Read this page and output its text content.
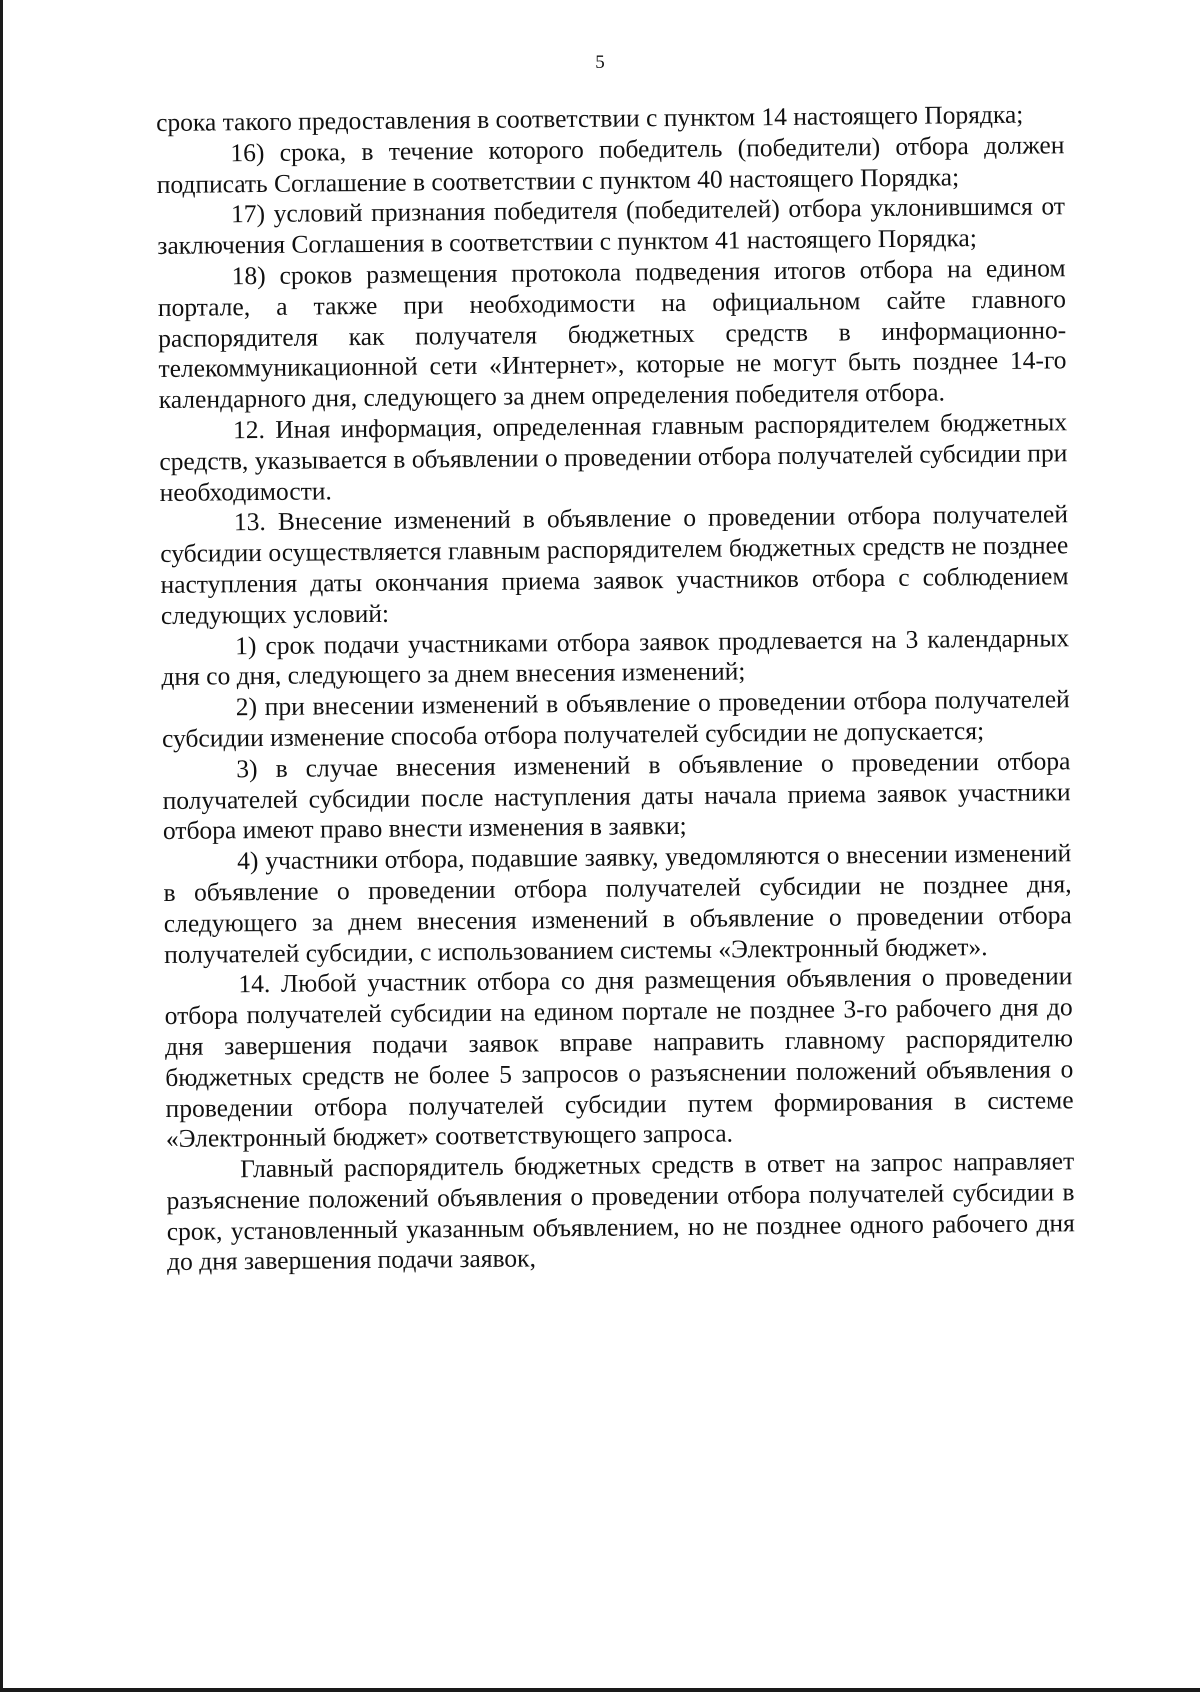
5

срока такого предоставления в соответствии с пунктом 14 настоящего Порядка;

16) срока, в течение которого победитель (победители) отбора должен подписать Соглашение в соответствии с пунктом 40 настоящего Порядка;

17) условий признания победителя (победителей) отбора уклонившимся от заключения Соглашения в соответствии с пунктом 41 настоящего Порядка;

18) сроков размещения протокола подведения итогов отбора на едином портале, а также при необходимости на официальном сайте главного распорядителя как получателя бюджетных средств в информационно-телекоммуникационной сети «Интернет», которые не могут быть позднее 14-го календарного дня, следующего за днем определения победителя отбора.

12. Иная информация, определенная главным распорядителем бюджетных средств, указывается в объявлении о проведении отбора получателей субсидии при необходимости.

13. Внесение изменений в объявление о проведении отбора получателей субсидии осуществляется главным распорядителем бюджетных средств не позднее наступления даты окончания приема заявок участников отбора с соблюдением следующих условий:

1) срок подачи участниками отбора заявок продлевается на 3 календарных дня со дня, следующего за днем внесения изменений;

2) при внесении изменений в объявление о проведении отбора получателей субсидии изменение способа отбора получателей субсидии не допускается;

3) в случае внесения изменений в объявление о проведении отбора получателей субсидии после наступления даты начала приема заявок участники отбора имеют право внести изменения в заявки;

4) участники отбора, подавшие заявку, уведомляются о внесении изменений в объявление о проведении отбора получателей субсидии не позднее дня, следующего за днем внесения изменений в объявление о проведении отбора получателей субсидии, с использованием системы «Электронный бюджет».

14. Любой участник отбора со дня размещения объявления о проведении отбора получателей субсидии на едином портале не позднее 3-го рабочего дня до дня завершения подачи заявок вправе направить главному распорядителю бюджетных средств не более 5 запросов о разъяснении положений объявления о проведении отбора получателей субсидии путем формирования в системе «Электронный бюджет» соответствующего запроса.

Главный распорядитель бюджетных средств в ответ на запрос направляет разъяснение положений объявления о проведении отбора получателей субсидии в срок, установленный указанным объявлением, но не позднее одного рабочего дня до дня завершения подачи заявок,
